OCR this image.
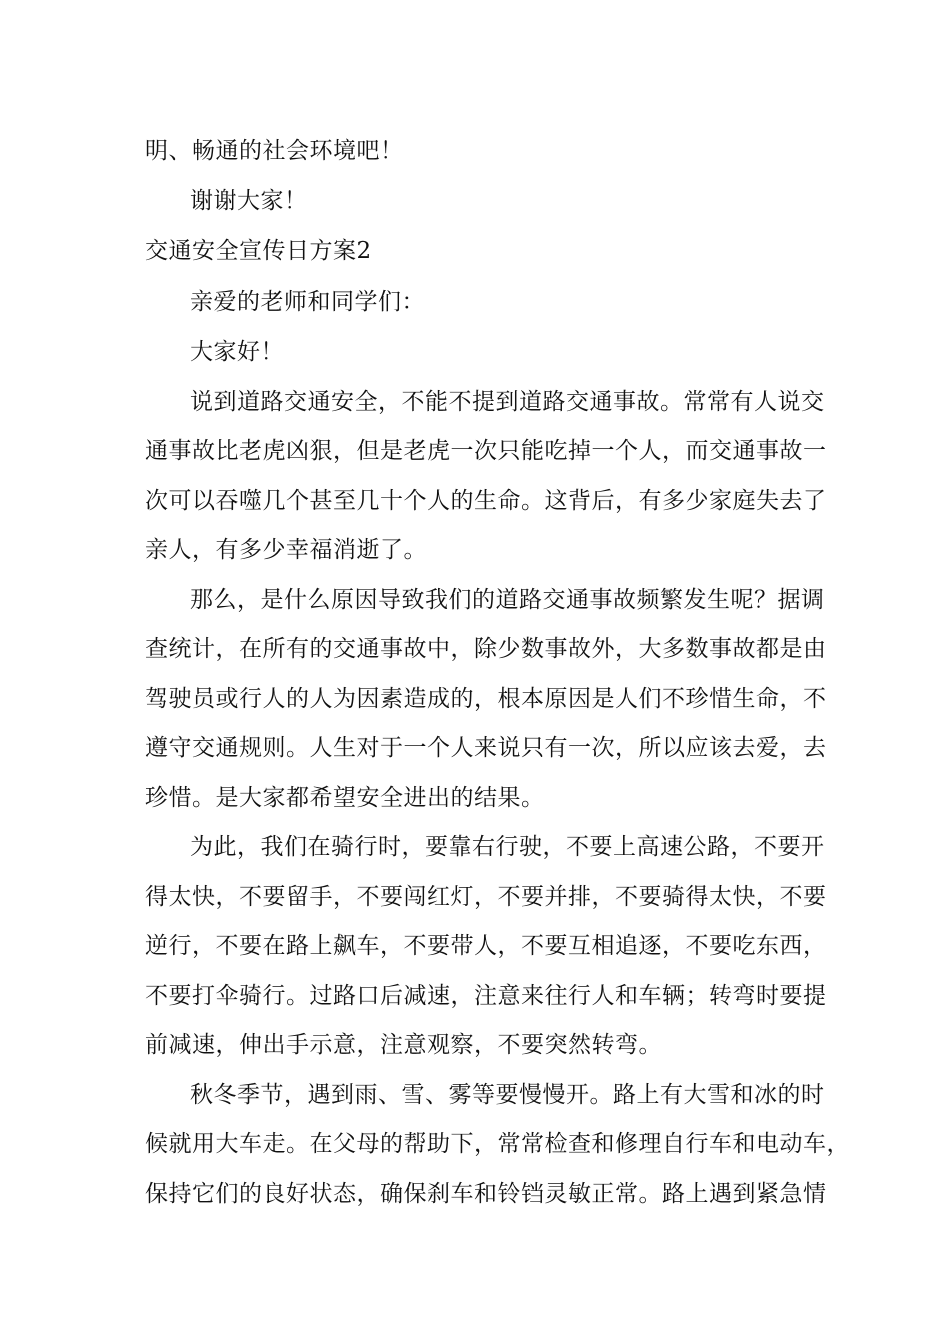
明、畅通的社会环境吧！
谢谢大家！
交通安全宣传日方案2
亲爱的老师和同学们：
大家好！
说到道路交通安全，不能不提到道路交通事故。常常有人说交
通事故比老虎凶狠，但是老虎一次只能吃掉一个人，而交通事故一
次可以吞噬几个甚至几十个人的生命。这背后，有多少家庭失去了
亲人，有多少幸福消逝了。
那么，是什么原因导致我们的道路交通事故频繁发生呢？据调
查统计，在所有的交通事故中，除少数事故外，大多数事故都是由
驾驶员或行人的人为因素造成的，根本原因是人们不珍惜生命，不
遵守交通规则。人生对于一个人来说只有一次，所以应该去爱，去
珍惜。是大家都希望安全进出的结果。
为此，我们在骑行时，要靠右行驶，不要上高速公路，不要开
得太快，不要留手，不要闯红灯，不要并排，不要骑得太快，不要
逆行，不要在路上飙车，不要带人，不要互相追逐，不要吃东西，
不要打伞骑行。过路口后减速，注意来往行人和车辆；转弯时要提
前减速，伸出手示意，注意观察，不要突然转弯。
秋冬季节，遇到雨、雪、雾等要慢慢开。路上有大雪和冰的时
候就用大车走。在父母的帮助下，常常检查和修理自行车和电动车，
保持它们的良好状态，确保刹车和铃铛灵敏正常。路上遇到紧急情
